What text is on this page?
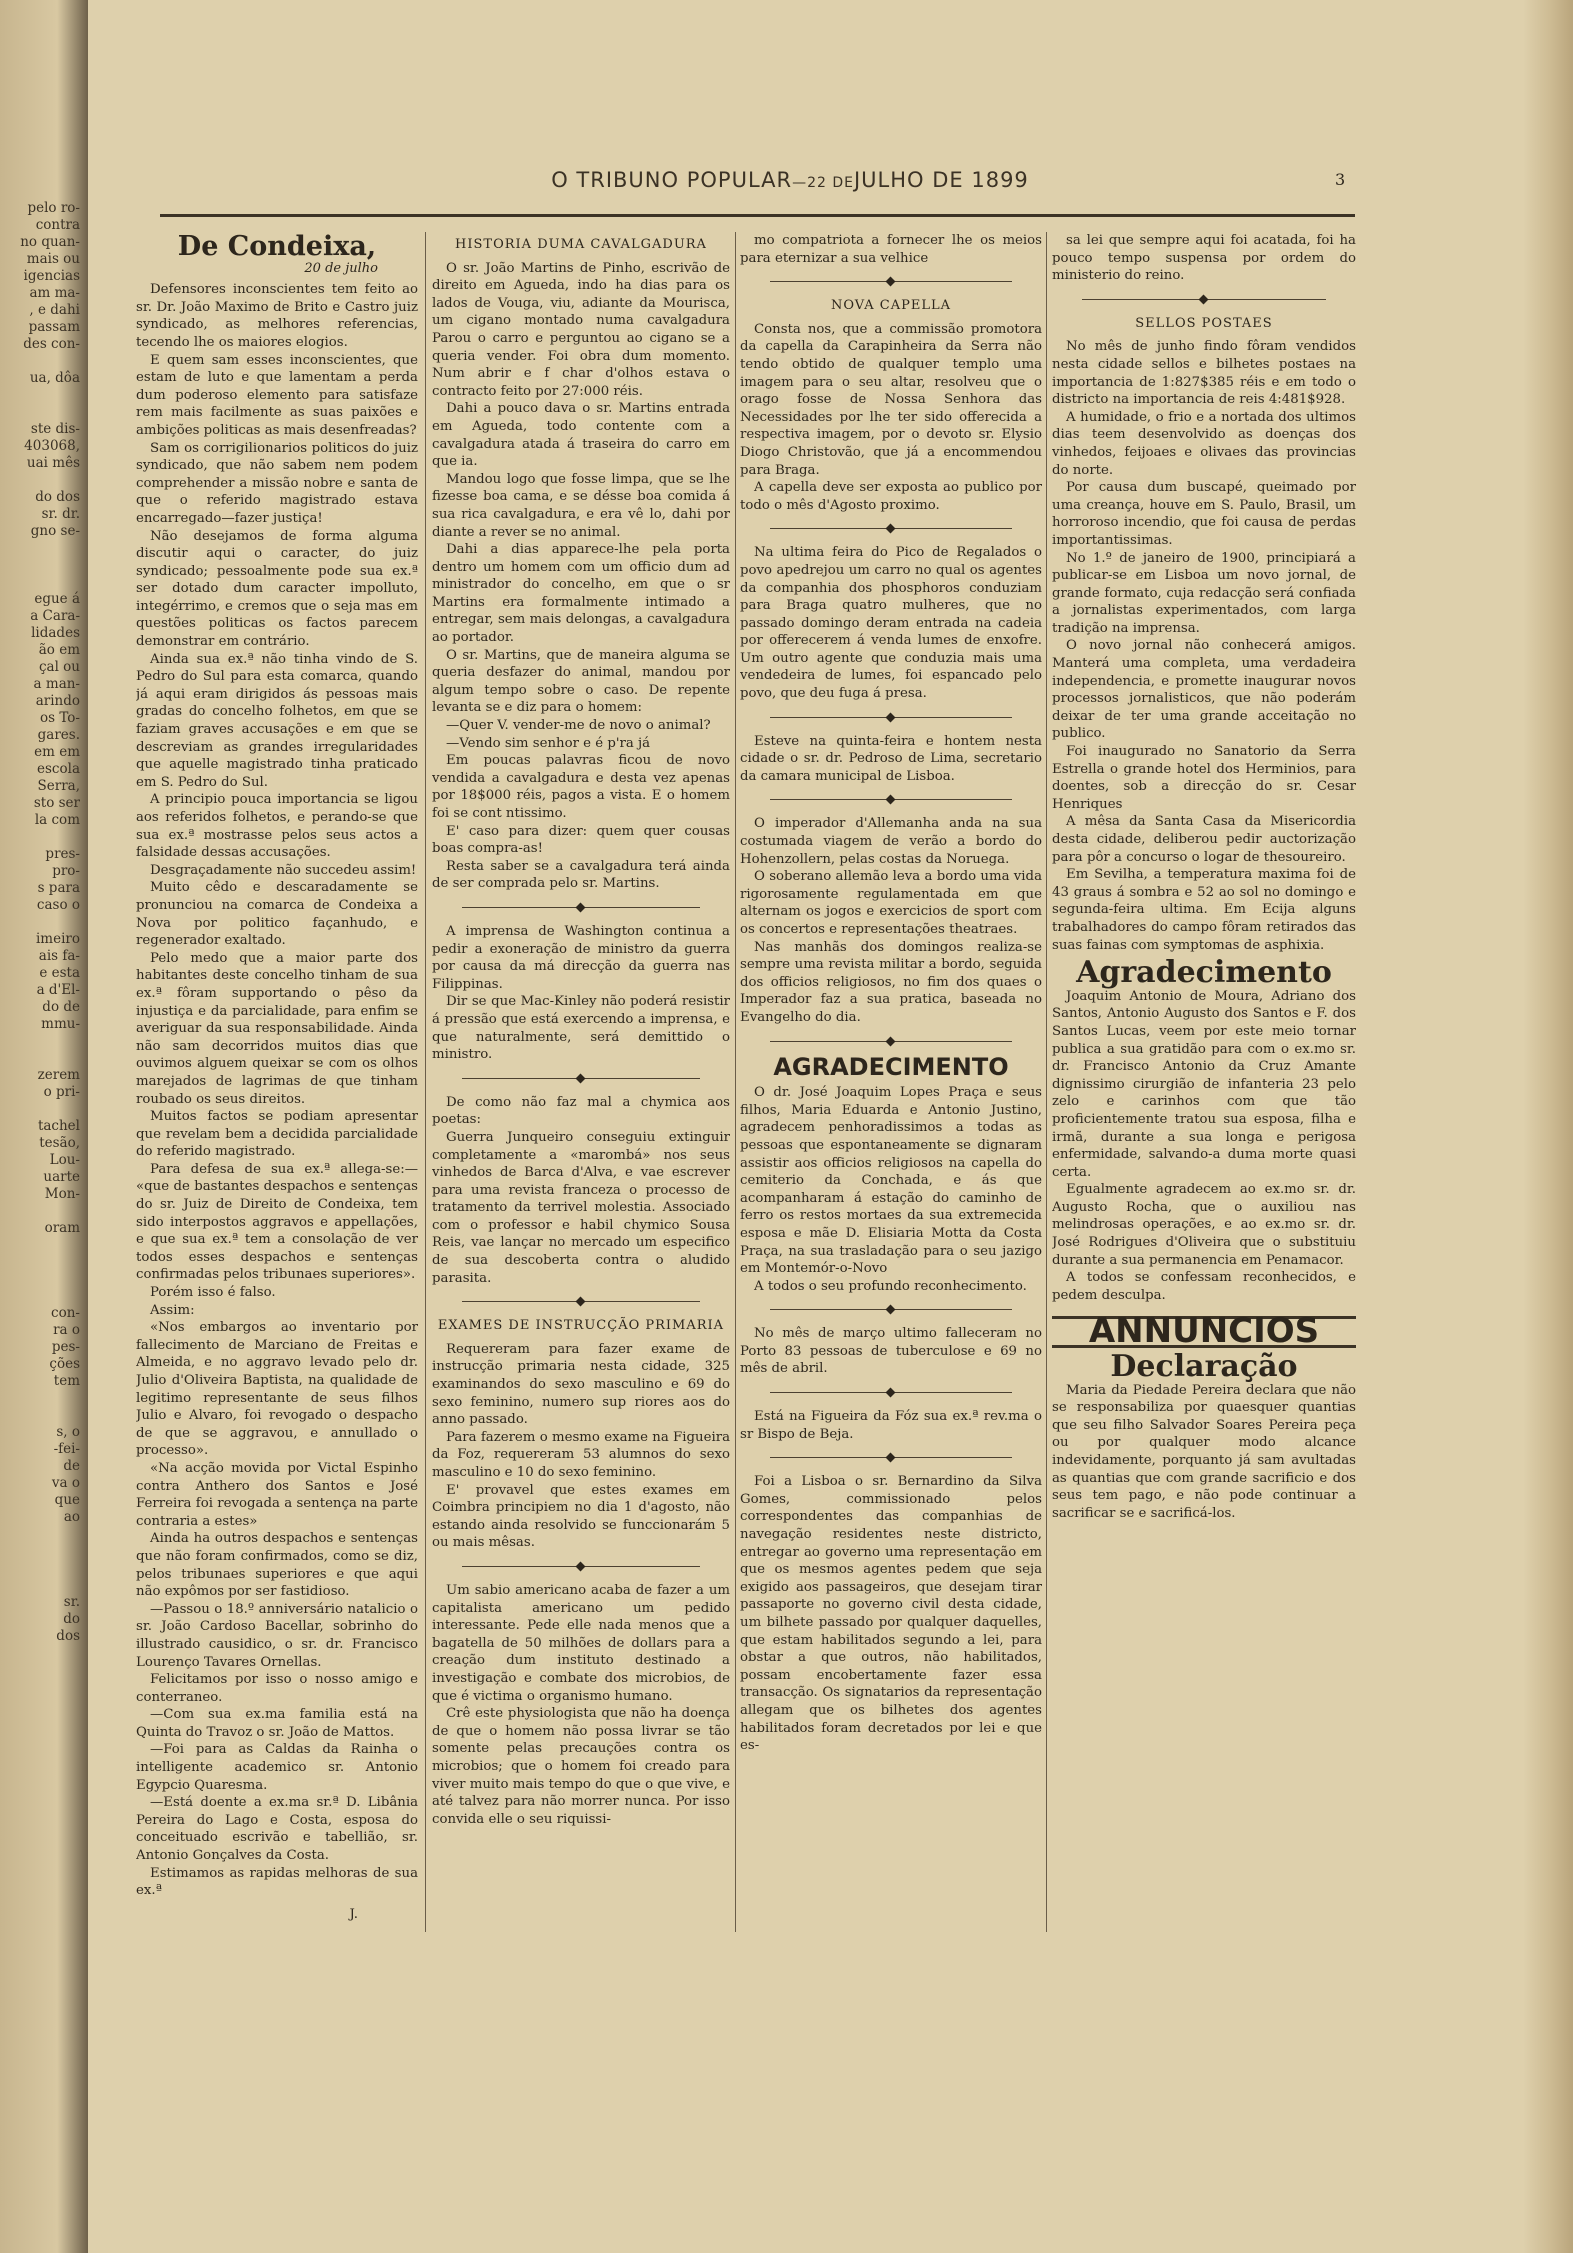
pelo ro-
contra
no quan-
mais ou
igencias
am ma-
, e dahi
passam
des con-

ua, dôa

ste dis-
403068,
uai mês

do dos
sr. dr.
gno se-

egue á
a Cara-
lidades
ão em
çal ou
a man-
arindo
os To-
gares.
em em
escola
Serra,
sto ser
la com

pres-
pro-
s para
caso o

imeiro
ais fa-
e esta
a d'El-
do de
mmu-

zerem
o pri-

tachel
tesão,
Lou-
uarte
Mon-

oram

con-
ra o
pes-
ções
tem

s, o
-fei-
de
va o
que
ao

sr.
do
dos
O TRIBUNO POPULAR—22 DEJULHO DE 1899	3
De Condeixa,
20 de julho

Defensores inconscientes tem feito ao sr. Dr. João Maximo de Brito e Castro juiz syndicado, as melhores referencias, tecendo lhe os maiores elogios.

E quem sam esses inconscientes, que estam de luto e que lamentam a perda dum poderoso elemento para satisfaze rem mais facilmente as suas paixões e ambições politicas as mais desenfreadas?

Sam os corrigilionarios politicos do juiz syndicado, que não sabem nem podem comprehender a missão nobre e santa de que o referido magistrado estava encarregado—fazer justiça!

Não desejamos de forma alguma discutir aqui o caracter, do juiz syndicado; pessoalmente pode sua ex.ª ser dotado dum caracter impolluto, integérrimo, e cremos que o seja mas em questões politicas os factos parecem demonstrar em contrário.

Ainda sua ex.ª não tinha vindo de S. Pedro do Sul para esta comarca, quando já aqui eram dirigidos ás pessoas mais gradas do concelho folhetos, em que se faziam graves accusações e em que se descreviam as grandes irregularidades que aquelle magistrado tinha praticado em S. Pedro do Sul.

A principio pouca importancia se ligou aos referidos folhetos, e perando-se que sua ex.ª mostrasse pelos seus actos a falsidade dessas accusações.

Desgraçadamente não succedeu assim!

Muito cêdo e descaradamente se pronunciou na comarca de Condeixa a Nova por politico façanhudo, e regenerador exaltado.

Pelo medo que a maior parte dos habitantes deste concelho tinham de sua ex.ª fôram supportando o pêso da injustiça e da parcialidade, para enfim se averiguar da sua responsabilidade. Ainda não sam decorridos muitos dias que ouvimos alguem queixar se com os olhos marejados de lagrimas de que tinham roubado os seus direitos.

Muitos factos se podiam apresentar que revelam bem a decidida parcialidade do referido magistrado.

Para defesa de sua ex.ª allega-se:— «que de bastantes despachos e sentenças do sr. Juiz de Direito de Condeixa, tem sido interpostos aggravos e appellações, e que sua ex.ª tem a consolação de ver todos esses despachos e sentenças confirmadas pelos tribunaes superiores».

Porém isso é falso.

Assim:

«Nos embargos ao inventario por fallecimento de Marciano de Freitas e Almeida, e no aggravo levado pelo dr. Julio d'Oliveira Baptista, na qualidade de legitimo representante de seus filhos Julio e Alvaro, foi revogado o despacho de que se aggravou, e annullado o processo».

«Na acção movida por Victal Espinho contra Anthero dos Santos e José Ferreira foi revogada a sentença na parte contraria a estes»

Ainda ha outros despachos e sentenças que não foram confirmados, como se diz, pelos tribunaes superiores e que aqui não expômos por ser fastidioso.

—Passou o 18.º anniversário natalicio o sr. João Cardoso Bacellar, sobrinho do illustrado causidico, o sr. dr. Francisco Lourenço Tavares Ornellas.

Felicitamos por isso o nosso amigo e conterraneo.

—Com sua ex.ma familia está na Quinta do Travoz o sr. João de Mattos.

—Foi para as Caldas da Rainha o intelligente academico sr. Antonio Egypcio Quaresma.

—Está doente a ex.ma sr.ª D. Libânia Pereira do Lago e Costa, esposa do conceituado escrivão e tabellião, sr. Antonio Gonçalves da Costa.

Estimamos as rapidas melhoras de sua ex.ª

J.
HISTORIA DUMA CAVALGADURA

O sr. João Martins de Pinho, escrivão de direito em Agueda, indo ha dias para os lados de Vouga, viu, adiante da Mourisca, um cigano montado numa cavalgadura Parou o carro e perguntou ao cigano se a queria vender. Foi obra dum momento. Num abrir e f char d'olhos estava o contracto feito por 27:000 réis.

Dahi a pouco dava o sr. Martins entrada em Agueda, todo contente com a cavalgadura atada á traseira do carro em que ia.

Mandou logo que fosse limpa, que se lhe fizesse boa cama, e se désse boa comida á sua rica cavalgadura, e era vê lo, dahi por diante a rever se no animal.

Dahi a dias apparece-lhe pela porta dentro um homem com um officio dum ad ministrador do concelho, em que o sr Martins era formalmente intimado a entregar, sem mais delongas, a cavalgadura ao portador.

O sr. Martins, que de maneira alguma se queria desfazer do animal, mandou por algum tempo sobre o caso. De repente levanta se e diz para o homem:

—Quer V. vender-me de novo o animal?

—Vendo sim senhor e é p'ra já

Em poucas palavras ficou de novo vendida a cavalgadura e desta vez apenas por 18$000 réis, pagos a vista. E o homem foi se cont ntissimo.

E' caso para dizer: quem quer cousas boas compra-as!

Resta saber se a cavalgadura terá ainda de ser comprada pelo sr. Martins.

A imprensa de Washington continua a pedir a exoneração de ministro da guerra por causa da má direcção da guerra nas Filippinas.

Dir se que Mac-Kinley não poderá resistir á pressão que está exercendo a imprensa, e que naturalmente, será demittido o ministro.

De como não faz mal a chymica aos poetas:

Guerra Junqueiro conseguiu extinguir completamente a «marombá» nos seus vinhedos de Barca d'Alva, e vae escrever para uma revista franceza o processo de tratamento da terrivel molestia. Associado com o professor e habil chymico Sousa Reis, vae lançar no mercado um especifico de sua descoberta contra o aludido parasita.

EXAMES DE INSTRUCÇÃO PRIMARIA

Requereram para fazer exame de instrucção primaria nesta cidade, 325 examinandos do sexo masculino e 69 do sexo feminino, numero sup riores aos do anno passado.

Para fazerem o mesmo exame na Figueira da Foz, requereram 53 alumnos do sexo masculino e 10 do sexo feminino.

E' provavel que estes exames em Coimbra principiem no dia 1 d'agosto, não estando ainda resolvido se funccionarám 5 ou mais mêsas.

Um sabio americano acaba de fazer a um capitalista americano um pedido interessante. Pede elle nada menos que a bagatella de 50 milhões de dollars para a creação dum instituto destinado a investigação e combate dos microbios, de que é victima o organismo humano.

Crê este physiologista que não ha doença de que o homem não possa livrar se tão somente pelas precauções contra os microbios; que o homem foi creado para viver muito mais tempo do que o que vive, e até talvez para não morrer nunca. Por isso convida elle o seu riquissi-

mo compatriota a fornecer lhe os meios para eternizar a sua velhice

NOVA CAPELLA

Consta nos, que a commissão promotora da capella da Carapinheira da Serra não tendo obtido de qualquer templo uma imagem para o seu altar, resolveu que o orago fosse de Nossa Senhora das Necessidades por lhe ter sido offerecida a respectiva imagem, por o devoto sr. Elysio Diogo Christovão, que já a encommendou para Braga.

A capella deve ser exposta ao publico por todo o mês d'Agosto proximo.

Na ultima feira do Pico de Regalados o povo apedrejou um carro no qual os agentes da companhia dos phosphoros conduziam para Braga quatro mulheres, que no passado domingo deram entrada na cadeia por offerecerem á venda lumes de enxofre. Um outro agente que conduzia mais uma vendedeira de lumes, foi espancado pelo povo, que deu fuga á presa.

Esteve na quinta-feira e hontem nesta cidade o sr. dr. Pedroso de Lima, secretario da camara municipal de Lisboa.

O imperador d'Allemanha anda na sua costumada viagem de verão a bordo do Hohenzollern, pelas costas da Noruega.

O soberano allemão leva a bordo uma vida rigorosamente regulamentada em que alternam os jogos e exercicios de sport com os concertos e representações theatraes.

Nas manhãs dos domingos realiza-se sempre uma revista militar a bordo, seguida dos officios religiosos, no fim dos quaes o Imperador faz a sua pratica, baseada no Evangelho do dia.

AGRADECIMENTO

O dr. José Joaquim Lopes Praça e seus filhos, Maria Eduarda e Antonio Justino, agradecem penhoradissimos a todas as pessoas que espontaneamente se dignaram assistir aos officios religiosos na capella do cemiterio da Conchada, e ás que acompanharam á estação do caminho de ferro os restos mortaes da sua extremecida esposa e mãe D. Elisiaria Motta da Costa Praça, na sua trasladação para o seu jazigo em Montemór-o-Novo

A todos o seu profundo reconhecimento.

No mês de março ultimo falleceram no Porto 83 pessoas de tuberculose e 69 no mês de abril.

Está na Figueira da Fóz sua ex.ª rev.ma o sr Bispo de Beja.

Foi a Lisboa o sr. Bernardino da Silva Gomes, commissionado pelos correspondentes das companhias de navegação residentes neste districto, entregar ao governo uma representação em que os mesmos agentes pedem que seja exigido aos passageiros, que desejam tirar passaporte no governo civil desta cidade, um bilhete passado por qualquer daquelles, que estam habilitados segundo a lei, para obstar a que outros, não habilitados, possam encobertamente fazer essa transacção. Os signatarios da representação allegam que os bilhetes dos agentes habilitados foram decretados por lei e que es-

sa lei que sempre aqui foi acatada, foi ha pouco tempo suspensa por ordem do ministerio do reino.

SELLOS POSTAES

No mês de junho findo fôram vendidos nesta cidade sellos e bilhetes postaes na importancia de 1:827$385 réis e em todo o districto na importancia de reis 4:481$928.

A humidade, o frio e a nortada dos ultimos dias teem desenvolvido as doenças dos vinhedos, feijoaes e olivaes das provincias do norte.

Por causa dum buscapé, queimado por uma creança, houve em S. Paulo, Brasil, um horroroso incendio, que foi causa de perdas importantissimas.

No 1.º de janeiro de 1900, principiará a publicar-se em Lisboa um novo jornal, de grande formato, cuja redacção será confiada a jornalistas experimentados, com larga tradição na imprensa.

O novo jornal não conhecerá amigos. Manterá uma completa, uma verdadeira independencia, e promette inaugurar novos processos jornalisticos, que não poderám deixar de ter uma grande acceitação no publico.

Foi inaugurado no Sanatorio da Serra Estrella o grande hotel dos Herminios, para doentes, sob a direcção do sr. Cesar Henriques

A mêsa da Santa Casa da Misericordia desta cidade, deliberou pedir auctorização para pôr a concurso o logar de thesoureiro.

Em Sevilha, a temperatura maxima foi de 43 graus á sombra e 52 ao sol no domingo e segunda-feira ultima. Em Ecija alguns trabalhadores do campo fôram retirados das suas fainas com symptomas de asphixia.

Agradecimento

Joaquim Antonio de Moura, Adriano dos Santos, Antonio Augusto dos Santos e F. dos Santos Lucas, veem por este meio tornar publica a sua gratidão para com o ex.mo sr. dr. Francisco Antonio da Cruz Amante dignissimo cirurgião de infanteria 23 pelo zelo e carinhos com que tão proficientemente tratou sua esposa, filha e irmã, durante a sua longa e perigosa enfermidade, salvando-a duma morte quasi certa.

Egualmente agradecem ao ex.mo sr. dr. Augusto Rocha, que o auxiliou nas melindrosas operações, e ao ex.mo sr. dr. José Rodrigues d'Oliveira que o substituiu durante a sua permanencia em Penamacor.

A todos se confessam reconhecidos, e pedem desculpa.

ANNUNCIOS
Declaração

Maria da Piedade Pereira declara que não se responsabiliza por quaesquer quantias que seu filho Salvador Soares Pereira peça ou por qualquer modo alcance indevidamente, porquanto já sam avultadas as quantias que com grande sacrificio e dos seus tem pago, e não pode continuar a sacrificar se e sacrificá-los.
